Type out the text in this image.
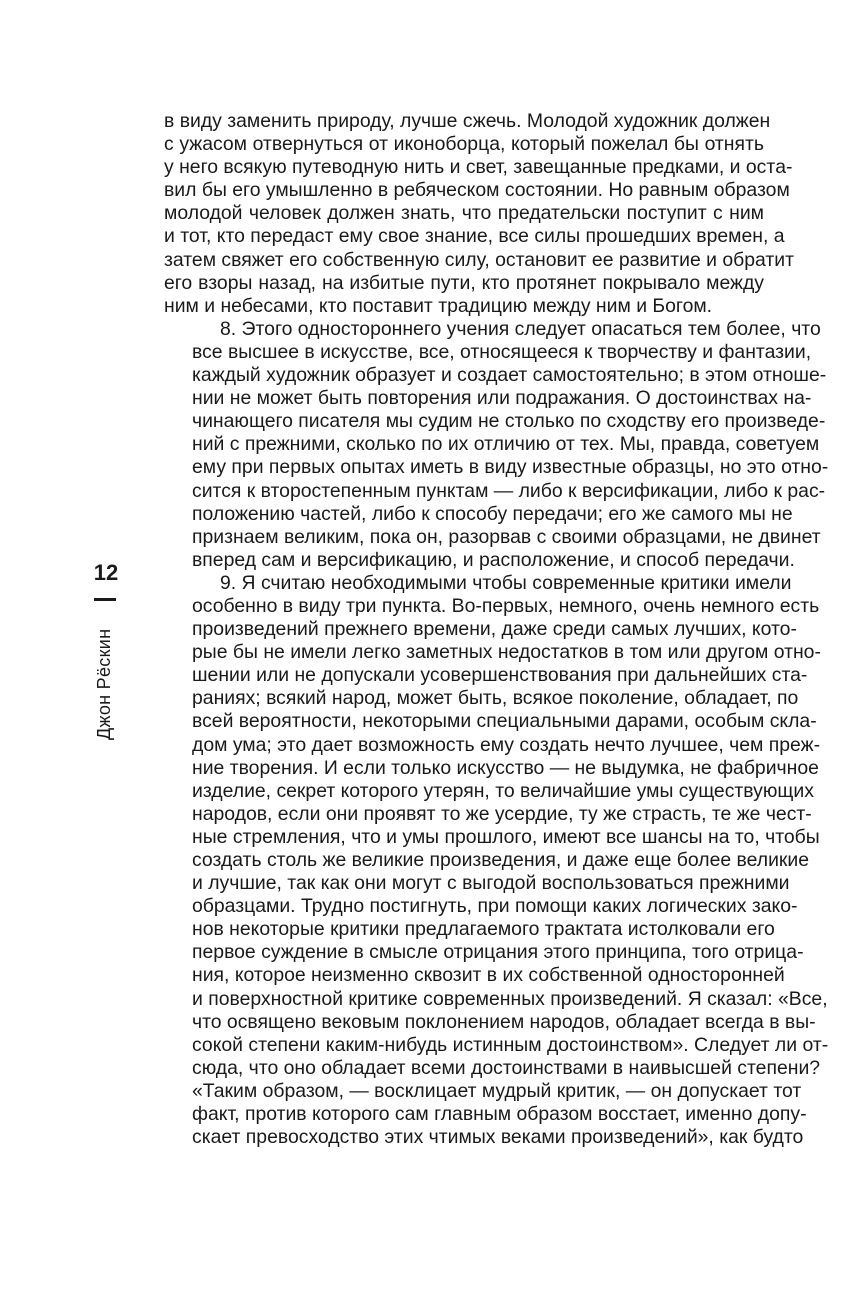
12
Джон Рёскин
в виду заменить природу, лучше сжечь. Молодой художник должен
с ужасом отвернуться от иконоборца, который пожелал бы отнять
у него всякую путеводную нить и свет, завещанные предками, и остa-
вил бы его умышленно в ребяческом состоянии. Но равным образом
молодой человек должен знать, что предательски поступит с ним
и тот, кто передаст ему свое знание, все силы прошедших времен, а
затем свяжет его собственную силу, остановит ее развитие и обратит
его взоры назад, на избитые пути, кто протянет покрывало между
ним и небесами, кто поставит традицию между ним и Богом.
8. Этого одностороннего учения следует опасаться тем более, что
все высшее в искусстве, все, относящееся к творчеству и фантазии,
каждый художник образует и создает самостоятельно; в этом отноше-
нии не может быть повторения или подражания. О достоинствах на-
чинающего писателя мы судим не столько по сходству его произведе-
ний с прежними, сколько по их отличию от тех. Мы, правда, советуем
ему при первых опытах иметь в виду известные образцы, но это отно-
сится к второстепенным пунктам — либо к версификации, либо к рас-
положению частей, либо к способу передачи; его же самого мы не
признаем великим, пока он, разорвав с своими образцами, не двинет
вперед сам и версификацию, и расположение, и способ передачи.
9. Я считаю необходимыми чтобы современные критики имели
особенно в виду три пункта. Во-первых, немного, очень немного есть
произведений прежнего времени, даже среди самых лучших, кото-
рые бы не имели легко заметных недостатков в том или другом отно-
шении или не допускали усовершенствования при дальнейших ста-
раниях; всякий народ, может быть, всякое поколение, обладает, по
всей вероятности, некоторыми специальными дарами, особым скла-
дом ума; это дает возможность ему создать нечто лучшее, чем преж-
ние творения. И если только искусство — не выдумка, не фабричное
изделие, секрет которого утерян, то величайшие умы существующих
народов, если они проявят то же усердие, ту же страсть, те же чест-
ные стремления, что и умы прошлого, имеют все шансы на то, чтобы
создать столь же великие произведения, и даже еще более великие
и лучшие, так как они могут с выгодой воспользоваться прежними
образцами. Трудно постигнуть, при помощи каких логических зако-
нов некоторые критики предлагаемого трактата истолковали его
первое суждение в смысле отрицания этого принципа, того отрица-
ния, которое неизменно сквозит в их собственной односторонней
и поверхностной критике современных произведений. Я сказал: «Все,
что освящено вековым поклонением народов, обладает всегда в вы-
сокой степени каким-нибудь истинным достоинством». Следует ли от-
сюда, что оно обладает всеми достоинствами в наивысшей степени?
«Таким образом, — восклицает мудрый критик, — он допускает тот
факт, против которого сам главным образом восстает, именно допу-
скает превосходство этих чтимых веками произведений», как будто
